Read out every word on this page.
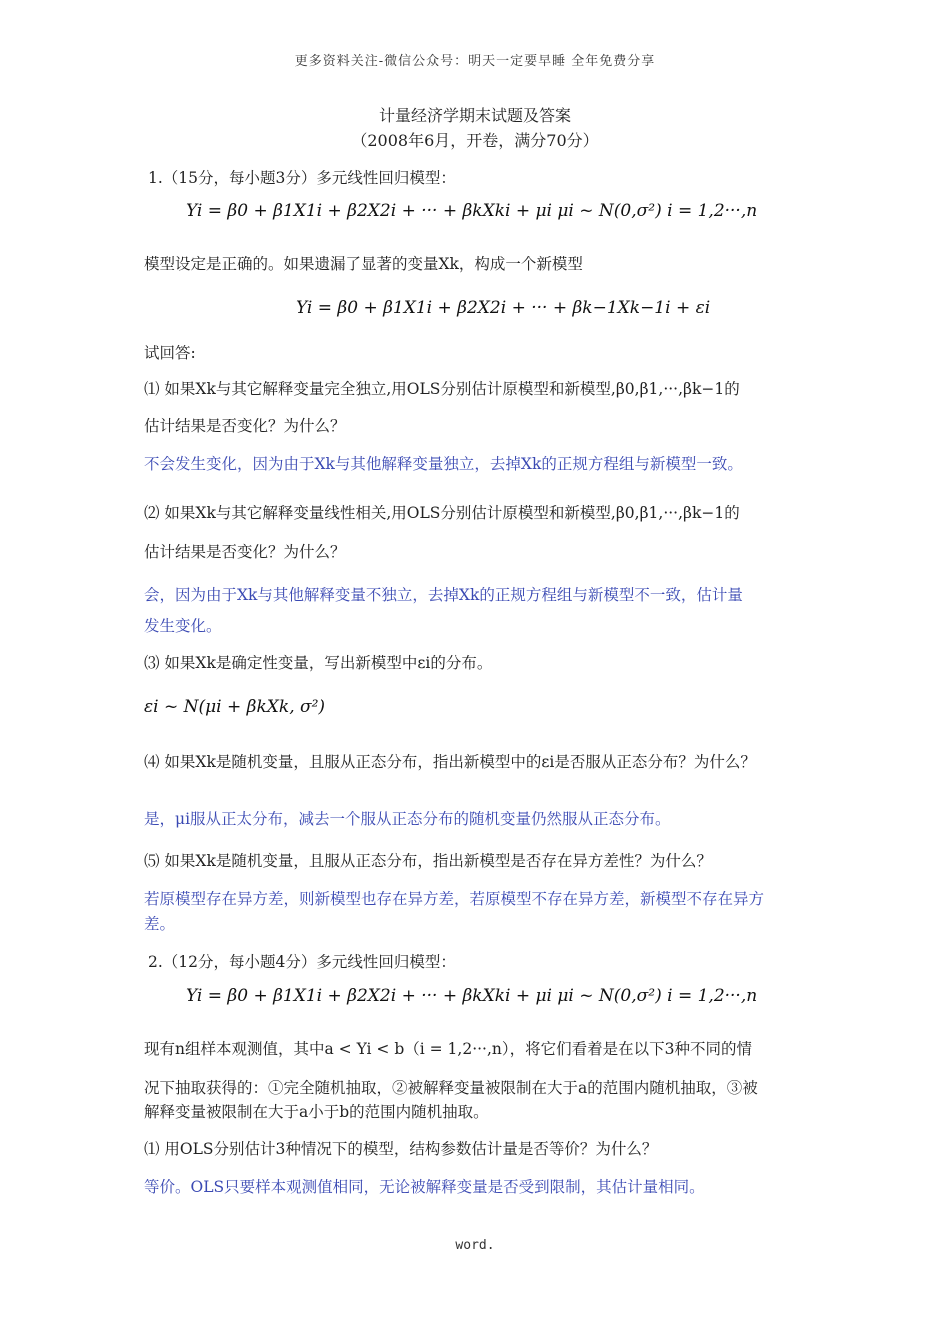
更多资料关注-微信公众号：明天一定要早睡 全年免费分享
计量经济学期末试题及答案
（2008年6月，开卷，满分70分）
1.（15分，每小题3分）多元线性回归模型：
Yi = β0 + β1X1i + β2X2i + ··· + βkXki + μi μi ~ N(0,σ²) i = 1,2···,n
模型设定是正确的。如果遗漏了显著的变量Xk，构成一个新模型
Yi = β0 + β1X1i + β2X2i + ··· + βk−1Xk−1i + εi
试回答:
⑴ 如果Xk与其它解释变量完全独立,用OLS分别估计原模型和新模型,β0,β1,···,βk−1的
估计结果是否变化？为什么？
不会发生变化，因为由于Xk与其他解释变量独立，去掉Xk的正规方程组与新模型一致。
⑵ 如果Xk与其它解释变量线性相关,用OLS分别估计原模型和新模型,β0,β1,···,βk−1的
估计结果是否变化？为什么？
会，因为由于Xk与其他解释变量不独立，去掉Xk的正规方程组与新模型不一致，估计量
发生变化。
⑶ 如果Xk是确定性变量，写出新模型中εi的分布。
εi ~ N(μi + βkXk, σ²)
⑷ 如果Xk是随机变量，且服从正态分布，指出新模型中的εi是否服从正态分布？为什么？
是，μi服从正太分布，减去一个服从正态分布的随机变量仍然服从正态分布。
⑸ 如果Xk是随机变量，且服从正态分布，指出新模型是否存在异方差性？为什么？
若原模型存在异方差，则新模型也存在异方差，若原模型不存在异方差，新模型不存在异方
差。
2.（12分，每小题4分）多元线性回归模型：
Yi = β0 + β1X1i + β2X2i + ··· + βkXki + μi μi ~ N(0,σ²) i = 1,2···,n
现有n组样本观测值，其中a < Yi < b（i = 1,2···,n），将它们看着是在以下3种不同的情
况下抽取获得的：①完全随机抽取，②被解释变量被限制在大于a的范围内随机抽取，③被
解释变量被限制在大于a小于b的范围内随机抽取。
⑴ 用OLS分别估计3种情况下的模型，结构参数估计量是否等价？为什么？
等价。OLS只要样本观测值相同，无论被解释变量是否受到限制，其估计量相同。
word.
